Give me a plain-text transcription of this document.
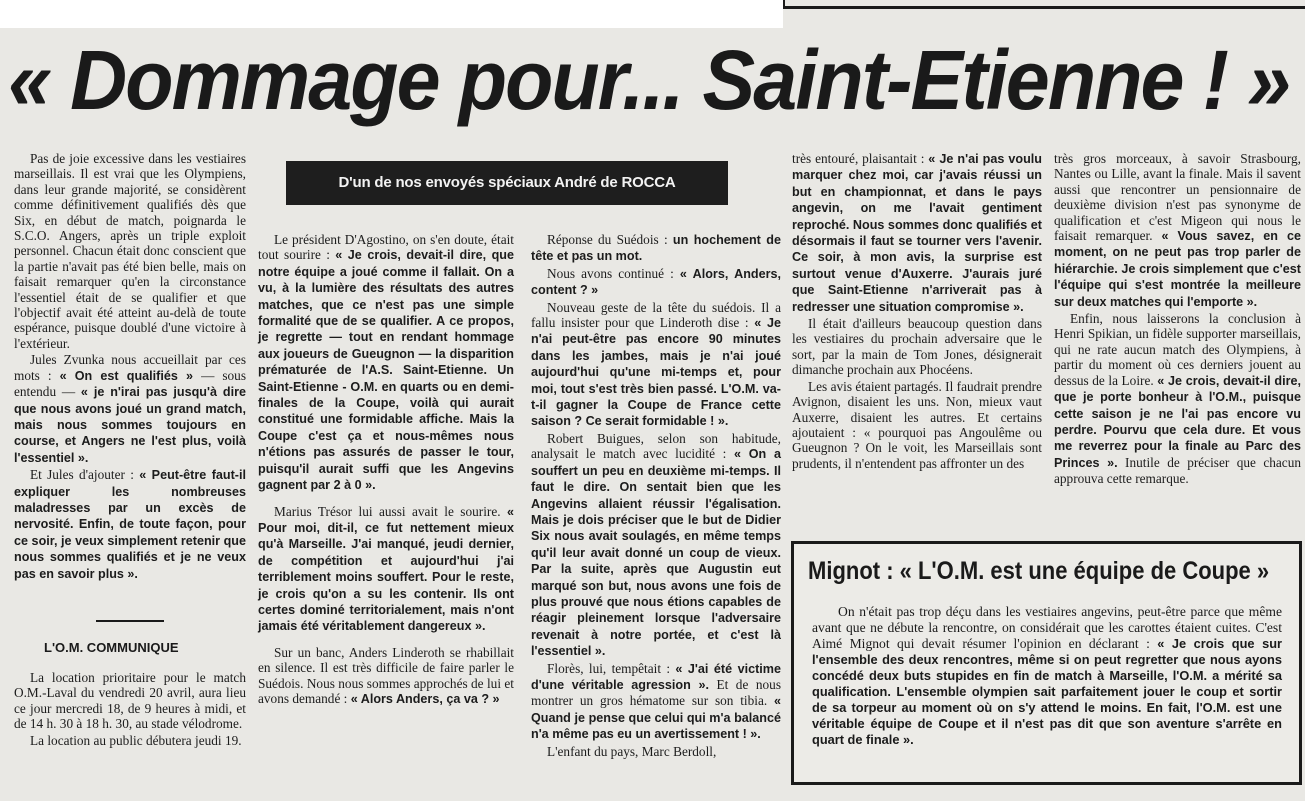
« Dommage pour... Saint-Etienne ! »
D'un de nos envoyés spéciaux André de ROCCA

Pas de joie excessive dans les vestiaires marseillais. Il est vrai que les Olympiens, dans leur grande majorité, se considèrent comme définitivement qualifiés dès que Six, en début de match, poignarda le S.C.O. Angers, après un triple exploit personnel. Chacun était donc conscient que la partie n'avait pas été bien belle, mais on faisait remarquer qu'en la circonstance l'essentiel était de se qualifier et que l'objectif avait été atteint au-delà de toute espérance, puisque doublé d'une victoire à l'extérieur.

Jules Zvunka nous accueillait par ces mots : « On est qualifiés » — sous entendu — « je n'irai pas jusqu'à dire que nous avons joué un grand match, mais nous sommes toujours en course, et Angers ne l'est plus, voilà l'essentiel ».

Et Jules d'ajouter : « Peut-être faut-il expliquer les nombreuses maladresses par un excès de nervosité. Enfin, de toute façon, pour ce soir, je veux simplement retenir que nous sommes qualifiés et je ne veux pas en savoir plus ».

L'O.M. COMMUNIQUE

La location prioritaire pour le match O.M.-Laval du vendredi 20 avril, aura lieu ce jour mercredi 18, de 9 heures à midi, et de 14 h. 30 à 18 h. 30, au stade vélodrome.

La location au public débutera jeudi 19.

Le président D'Agostino, on s'en doute, était tout sourire : « Je crois, devait-il dire, que notre équipe a joué comme il fallait. On a vu, à la lumière des résultats des autres matches, que ce n'est pas une simple formalité que de se qualifier. A ce propos, je regrette — tout en rendant hommage aux joueurs de Gueugnon — la disparition prématurée de l'A.S. Saint-Etienne. Un Saint-Etienne - O.M. en quarts ou en demi-finales de la Coupe, voilà qui aurait constitué une formidable affiche. Mais la Coupe c'est ça et nous-mêmes nous n'étions pas assurés de passer le tour, puisqu'il aurait suffi que les Angevins gagnent par 2 à 0 ».

Marius Trésor lui aussi avait le sourire. « Pour moi, dit-il, ce fut nettement mieux qu'à Marseille. J'ai manqué, jeudi dernier, de compétition et aujourd'hui j'ai terriblement moins souffert. Pour le reste, je crois qu'on a su les contenir. Ils ont certes dominé territorialement, mais n'ont jamais été véritablement dangereux ».

Sur un banc, Anders Linderoth se rhabillait en silence. Il est très difficile de faire parler le Suédois. Nous nous sommes approchés de lui et avons demandé : « Alors Anders, ça va ? »

Réponse du Suédois : un hochement de tête et pas un mot.

Nous avons continué : « Alors, Anders, content ? »

Nouveau geste de la tête du suédois. Il a fallu insister pour que Linderoth dise : « Je n'ai peut-être pas encore 90 minutes dans les jambes, mais je n'ai joué aujourd'hui qu'une mi-temps et, pour moi, tout s'est très bien passé. L'O.M. va-t-il gagner la Coupe de France cette saison ? Ce serait formidable ! ».

Robert Buigues, selon son habitude, analysait le match avec lucidité : « On a souffert un peu en deuxième mi-temps. Il faut le dire. On sentait bien que les Angevins allaient réussir l'égalisation. Mais je dois préciser que le but de Didier Six nous avait soulagés, en même temps qu'il leur avait donné un coup de vieux. Par la suite, après que Augustin eut marqué son but, nous avons une fois de plus prouvé que nous étions capables de réagir pleinement lorsque l'adversaire revenait à notre portée, et c'est là l'essentiel ».

Florès, lui, tempêtait : « J'ai été victime d'une véritable agression ». Et de nous montrer un gros hématome sur son tibia. « Quand je pense que celui qui m'a balancé n'a même pas eu un avertissement ! ».

L'enfant du pays, Marc Berdoll,

très entouré, plaisantait : « Je n'ai pas voulu marquer chez moi, car j'avais réussi un but en championnat, et dans le pays angevin, on me l'avait gentiment reproché. Nous sommes donc qualifiés et désormais il faut se tourner vers l'avenir. Ce soir, à mon avis, la surprise est surtout venue d'Auxerre. J'aurais juré que Saint-Etienne n'arriverait pas à redresser une situation compromise ».

Il était d'ailleurs beaucoup question dans les vestiaires du prochain adversaire que le sort, par la main de Tom Jones, désignerait dimanche prochain aux Phocéens.

Les avis étaient partagés. Il faudrait prendre Avignon, disaient les uns. Non, mieux vaut Auxerre, disaient les autres. Et certains ajoutaient : « pourquoi pas Angoulême ou Gueugnon ? On le voit, les Marseillais sont prudents, il n'entendent pas affronter un des

très gros morceaux, à savoir Strasbourg, Nantes ou Lille, avant la finale. Mais il savent aussi que rencontrer un pensionnaire de deuxième division n'est pas synonyme de qualification et c'est Migeon qui nous le faisait remarquer. « Vous savez, en ce moment, on ne peut pas trop parler de hiérarchie. Je crois simplement que c'est l'équipe qui s'est montrée la meilleure sur deux matches qui l'emporte ».

Enfin, nous laisserons la conclusion à Henri Spikian, un fidèle supporter marseillais, qui ne rate aucun match des Olympiens, à partir du moment où ces derniers jouent au dessus de la Loire. « Je crois, devait-il dire, que je porte bonheur à l'O.M., puisque cette saison je ne l'ai pas encore vu perdre. Pourvu que cela dure. Et vous me reverrez pour la finale au Parc des Princes ». Inutile de préciser que chacun approuva cette remarque.

Mignot : « L'O.M. est une équipe de Coupe »

On n'était pas trop déçu dans les vestiaires angevins, peut-être parce que même avant que ne débute la rencontre, on considérait que les carottes étaient cuites. C'est Aimé Mignot qui devait résumer l'opinion en déclarant : « Je crois que sur l'ensemble des deux rencontres, même si on peut regretter que nous ayons concédé deux buts stupides en fin de match à Marseille, l'O.M. a mérité sa qualification. L'ensemble olympien sait parfaitement jouer le coup et sortir de sa torpeur au moment où on s'y attend le moins. En fait, l'O.M. est une véritable équipe de Coupe et il n'est pas dit que son aventure s'arrête en quart de finale ».
